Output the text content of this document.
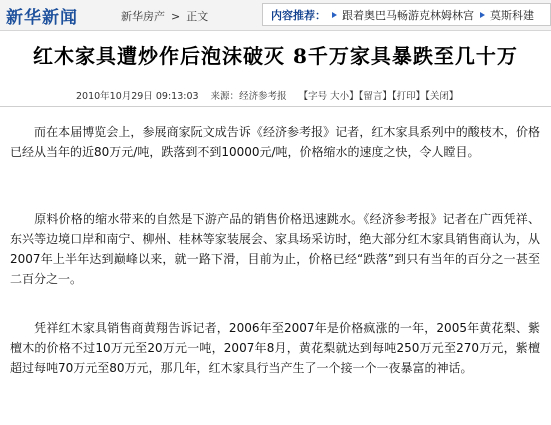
新华新闻	新华房产 > 正文	内容推荐： 跟着奥巴马畅游克林姆林宫 莫斯科建
红木家具遭炒作后泡沫破灭 8千万家具暴跌至几十万
2010年10月29日 09:13:03 来源：经济参考报 【字号 大小】【留言】【打印】【关闭】
而在本届博览会上，参展商家阮文成告诉《经济参考报》记者，红木家具系列中的酸枝木，价格已经从当年的近80万元/吨，跌落到不到10000元/吨，价格缩水的速度之快，令人瞠目。
原料价格的缩水带来的自然是下游产品的销售价格迅速跳水。《经济参考报》记者在广西凭祥、东兴等边境口岸和南宁、柳州、桂林等家装展会、家具场采访时，绝大部分红木家具销售商认为，从2007年上半年达到巅峰以来，就一路下滑，目前为止，价格已经“跌落”到只有当年的百分之一甚至二百分之一。
凭祥红木家具销售商黄翔告诉记者，2006年至2007年是价格疯涨的一年，2005年黄花梨、紫檀木的价格不过10万元至20万元一吨，2007年8月，黄花梨就达到每吨250万元至270万元，紫檀超过每吨70万元至80万元，那几年，红木家具行当产生了一个接一个一夜暴富的神话。
